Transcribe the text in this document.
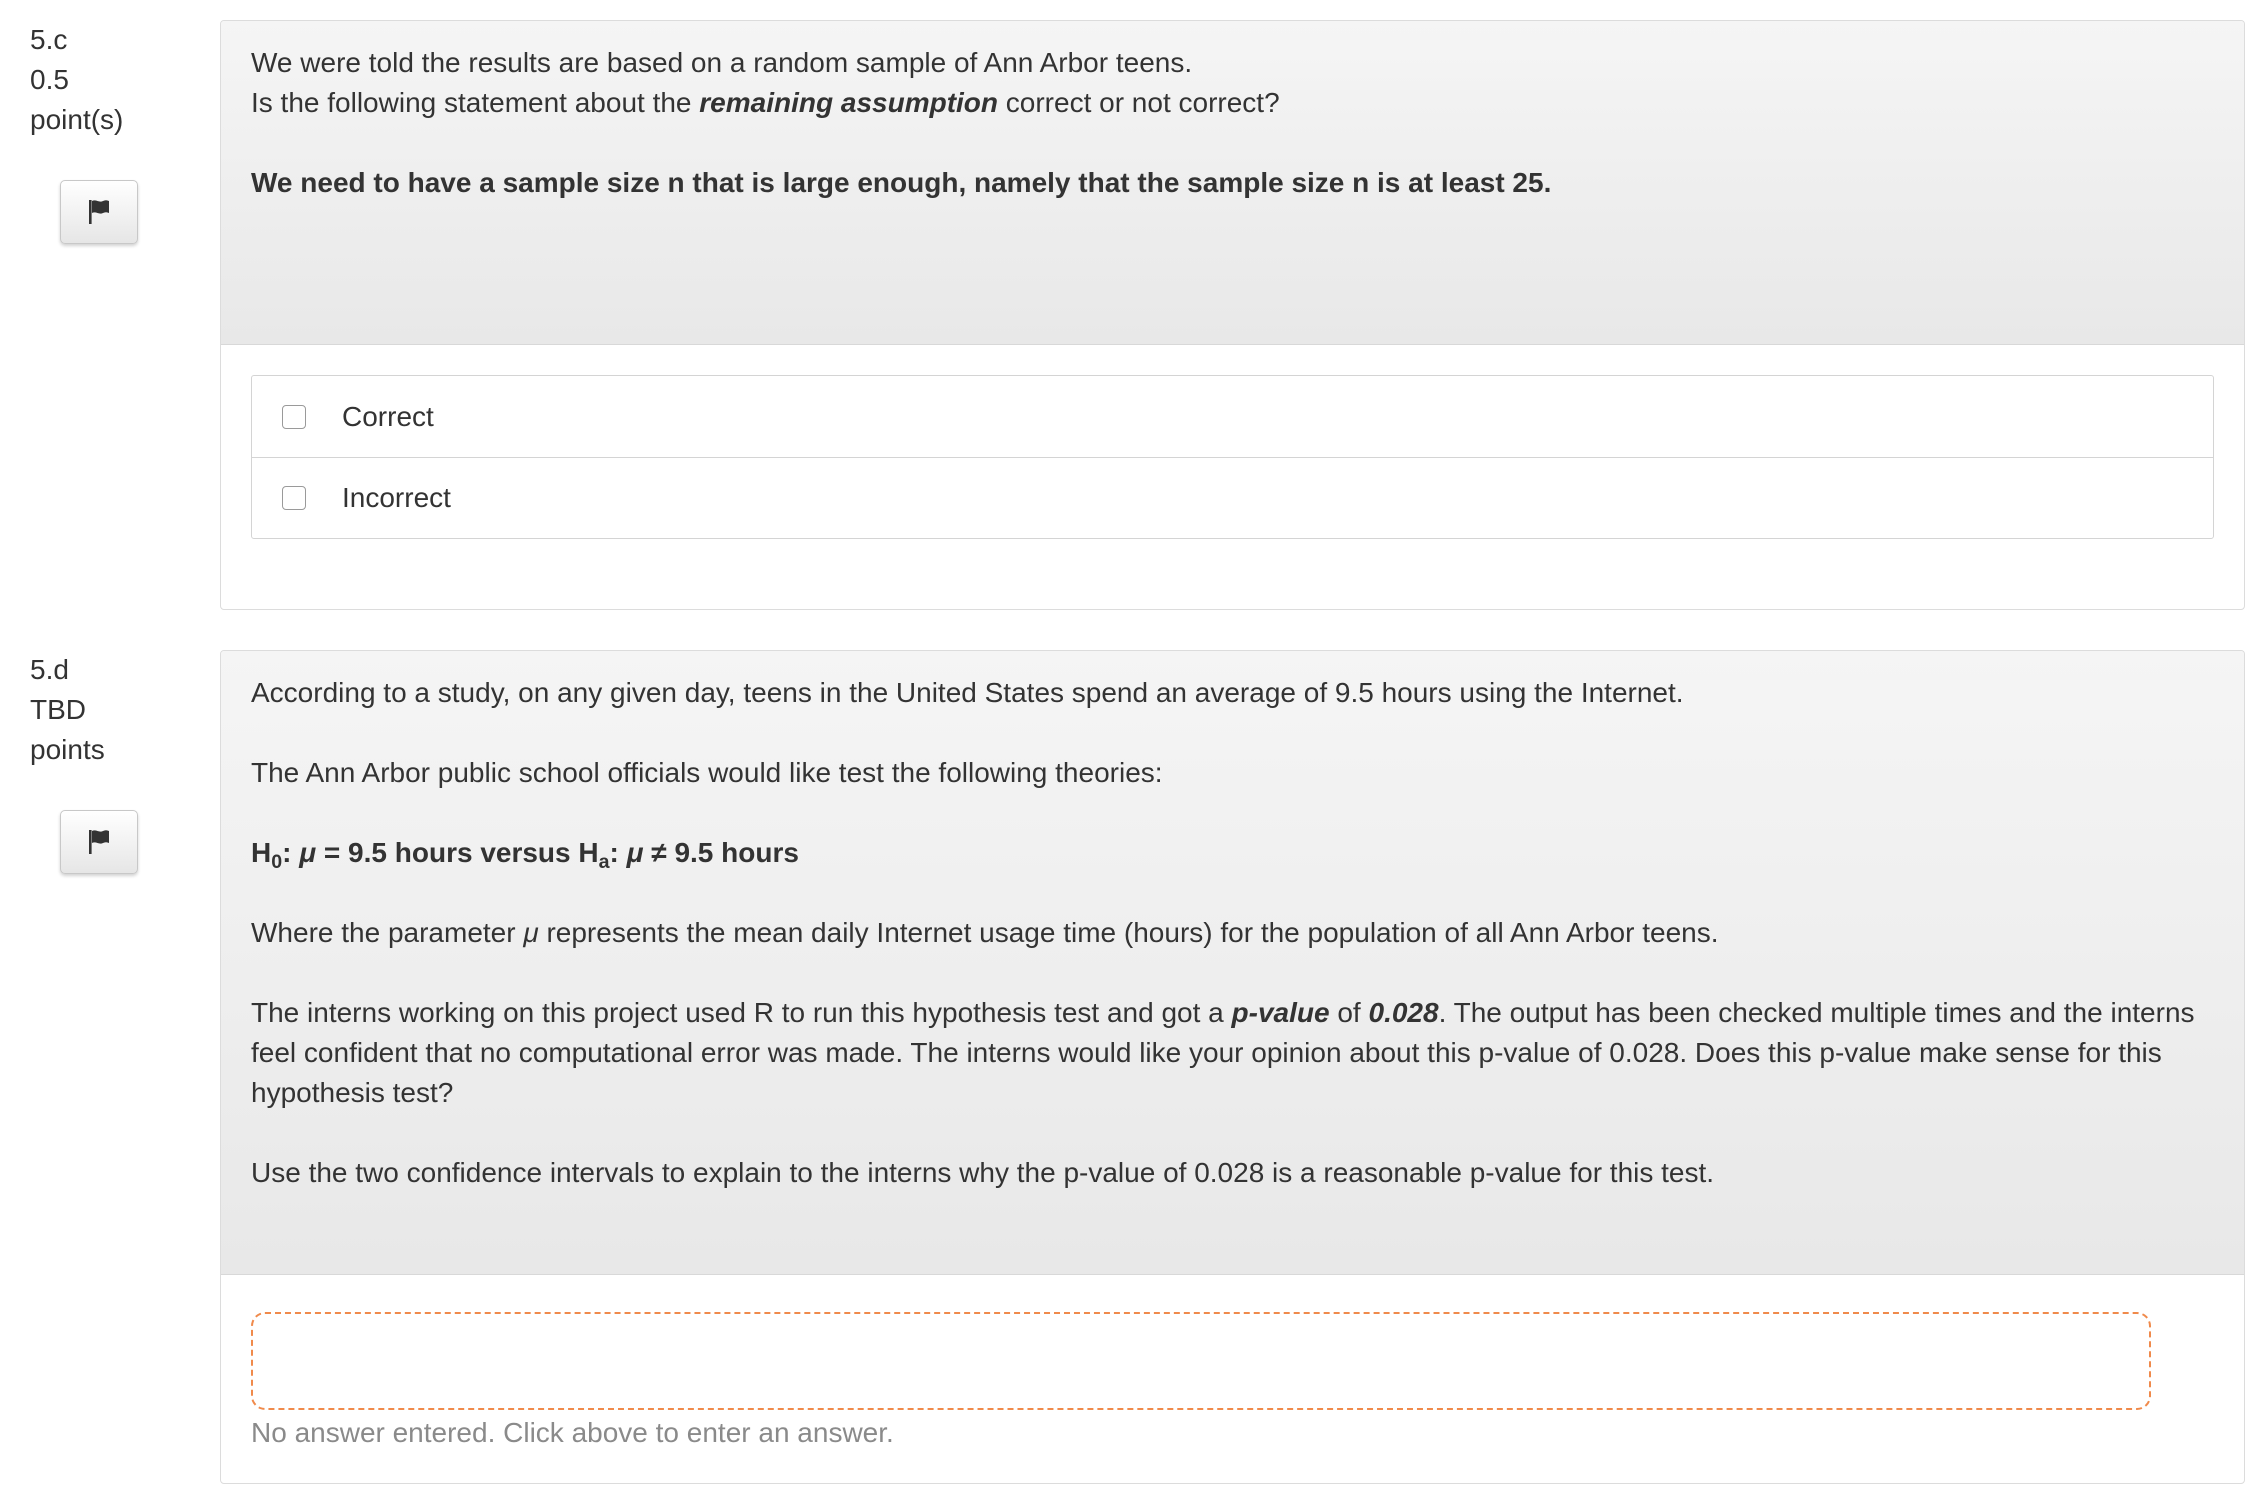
5.c
0.5
point(s)

We were told the results are based on a random sample of Ann Arbor teens.

Is the following statement about the remaining assumption correct or not correct?

We need to have a sample size n that is large enough, namely that the sample size n is at least 25.

Correct
Incorrect
5.d
TBD
points

According to a study, on any given day, teens in the United States spend an average of 9.5 hours using the Internet.

The Ann Arbor public school officials would like test the following theories:

$H_0$: μ = 9.5 hours versus $H_a$: μ ≠ 9.5 hours

Where the parameter μ represents the mean daily Internet usage time (hours) for the population of all Ann Arbor teens.

The interns working on this project used R to run this hypothesis test and got a p-value of 0.028. The output has been checked multiple times and the interns feel confident that no computational error was made. The interns would like your opinion about this p-value of 0.028. Does this p-value make sense for this hypothesis test?

Use the two confidence intervals to explain to the interns why the p-value of 0.028 is a reasonable p-value for this test.

No answer entered. Click above to enter an answer.
